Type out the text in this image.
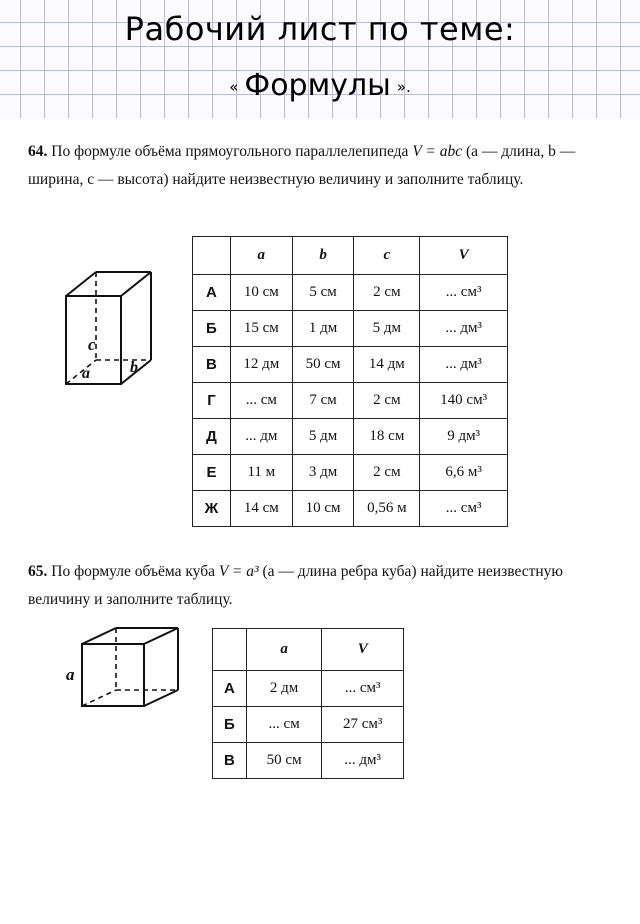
Рабочий лист по теме:
« Формулы ».
64. По формуле объёма прямоугольного параллелепипеда V = abc (a — длина, b — ширина, c — высота) найдите неизвестную величину и заполните таблицу.
c
a	b
	a	b	c	V
А	10 см	5 см	2 см	... см³
Б	15 см	1 дм	5 дм	... дм³
В	12 дм	50 см	14 дм	... дм³
Г	... см	7 см	2 см	140 см³
Д	... дм	5 дм	18 см	9 дм³
Е	11 м	3 дм	2 см	6,6 м³
Ж	14 см	10 см	0,56 м	... см³
65. По формуле объёма куба V = a³ (a — длина ребра куба) найдите неизвестную величину и заполните таблицу.
a
	a	V
А	2 дм	... см³
Б	... см	27 см³
В	50 см	... дм³
